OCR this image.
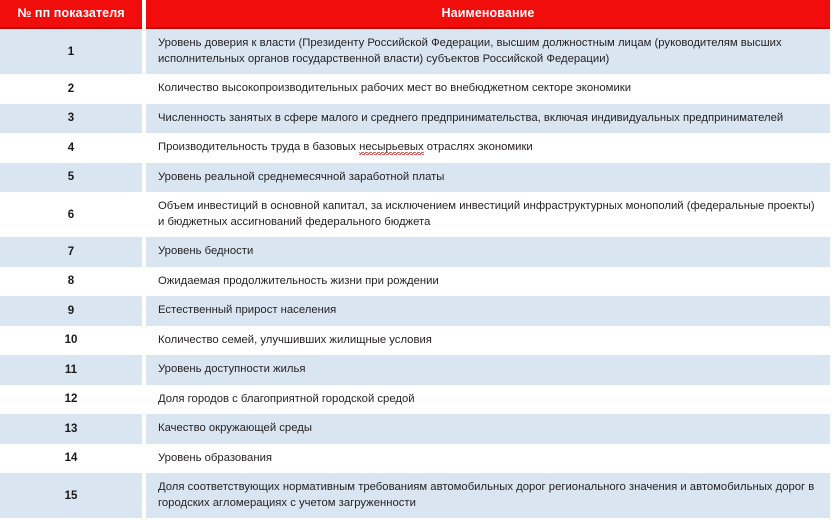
№ пп показателя	Наименование
1	Уровень доверия к власти (Президенту Российской Федерации, высшим должностным лицам (руководителям высших исполнительных органов государственной власти) субъектов Российской Федерации)
2	Количество высокопроизводительных рабочих мест во внебюджетном секторе экономики
3	Численность занятых в сфере малого и среднего предпринимательства, включая индивидуальных предпринимателей
4	Производительность труда в базовых несырьевых отраслях экономики
5	Уровень реальной среднемесячной заработной платы
6	Объем инвестиций в основной капитал, за исключением инвестиций инфраструктурных монополий (федеральные проекты) и бюджетных ассигнований федерального бюджета
7	Уровень бедности
8	Ожидаемая продолжительность жизни при рождении
9	Естественный прирост населения
10	Количество семей, улучшивших жилищные условия
11	Уровень доступности жилья
12	Доля городов с благоприятной городской средой
13	Качество окружающей среды
14	Уровень образования
15	Доля соответствующих нормативным требованиям автомобильных дорог регионального значения и автомобильных дорог в городских агломерациях с учетом загруженности
